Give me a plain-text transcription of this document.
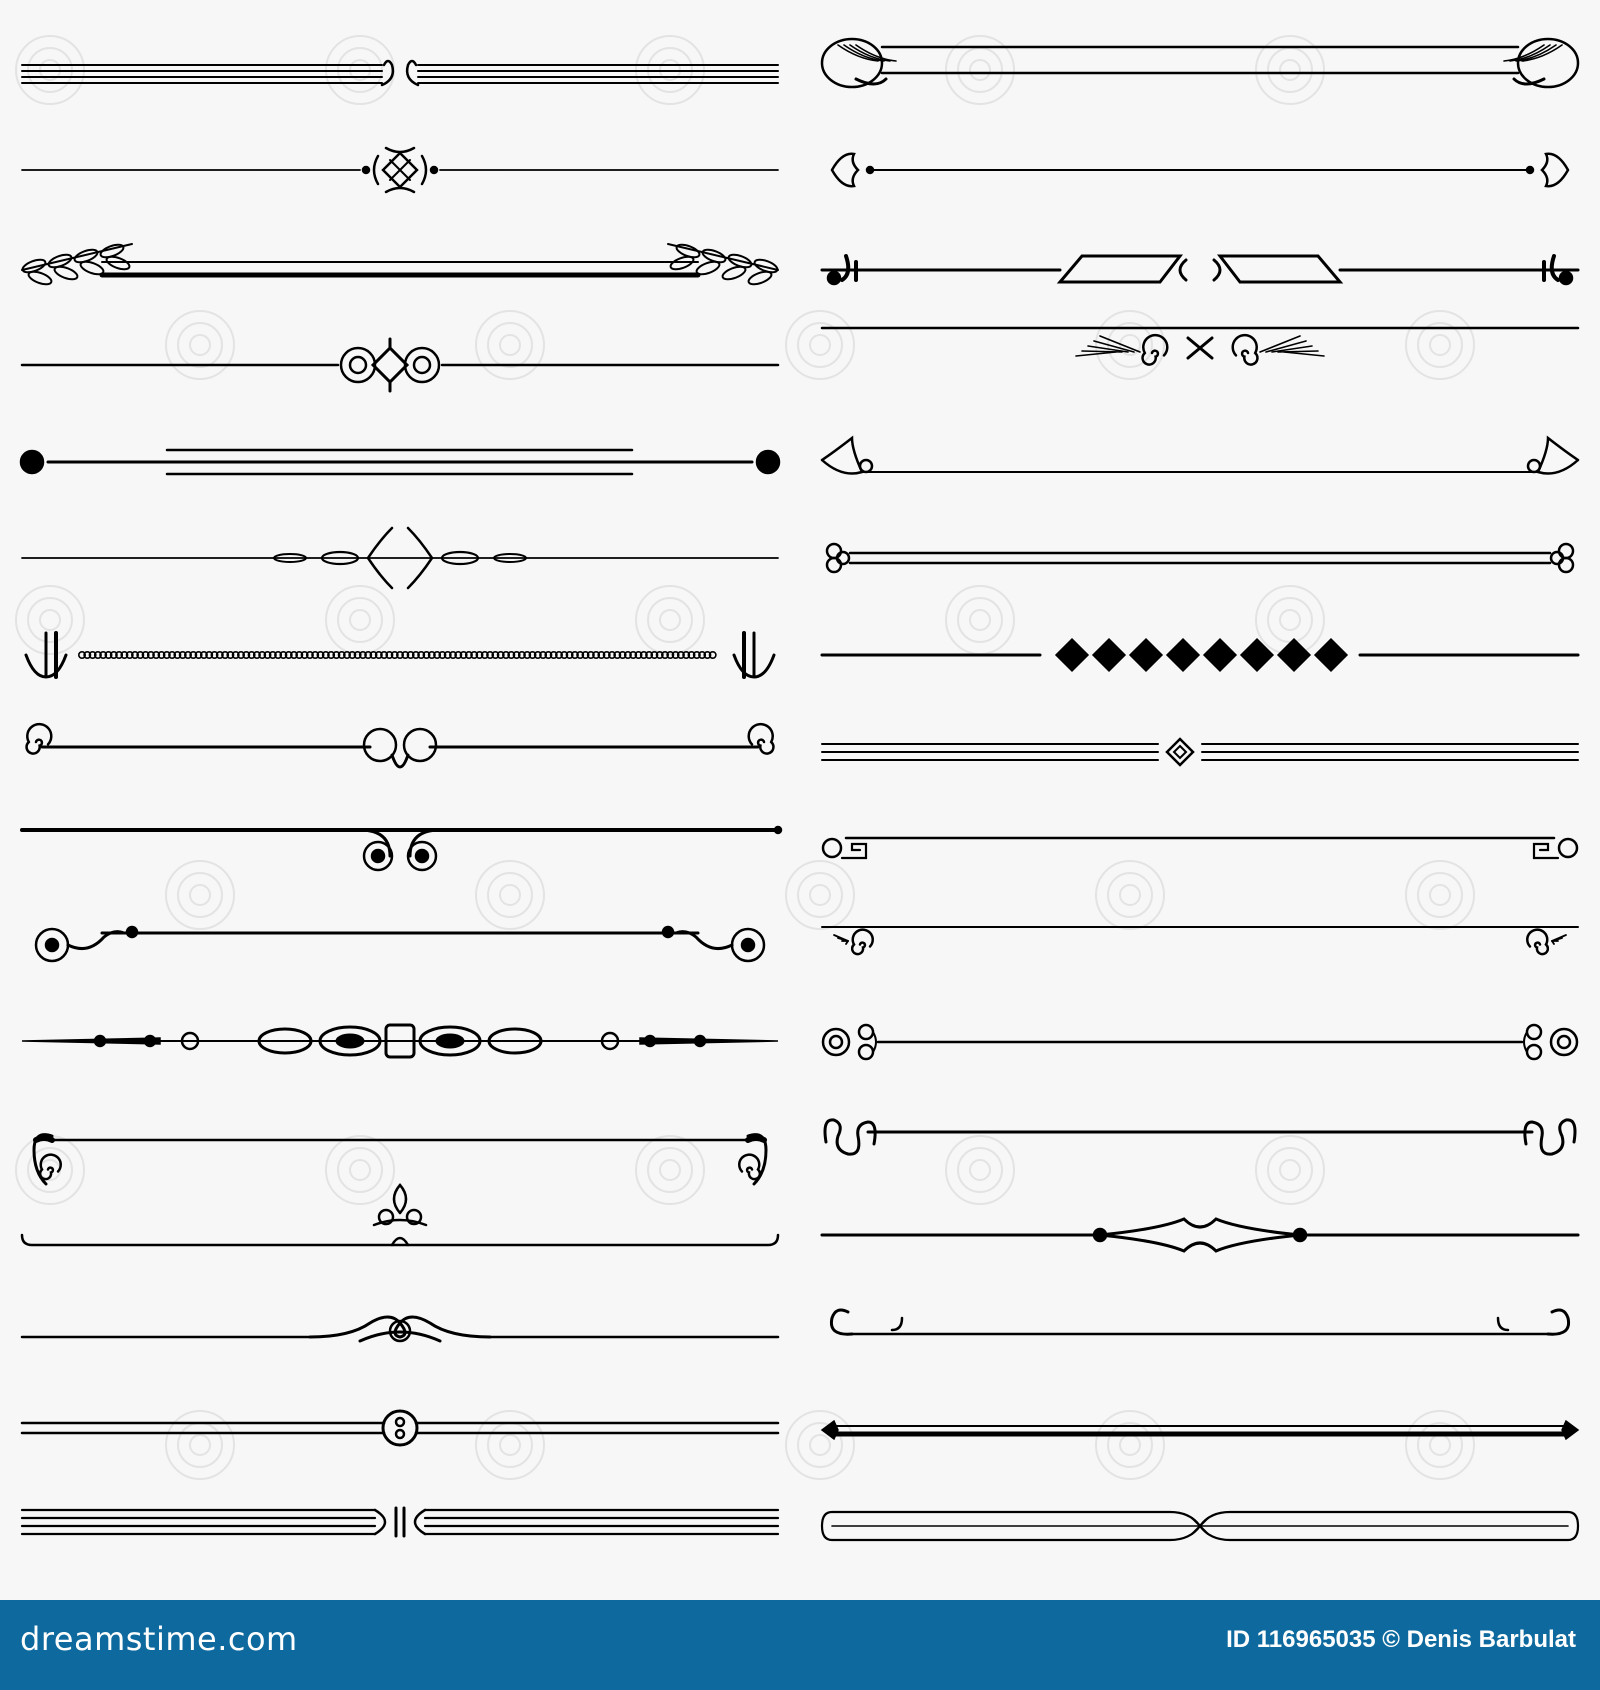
dreamstime.com	ID 116965035 © Denis Barbulat
